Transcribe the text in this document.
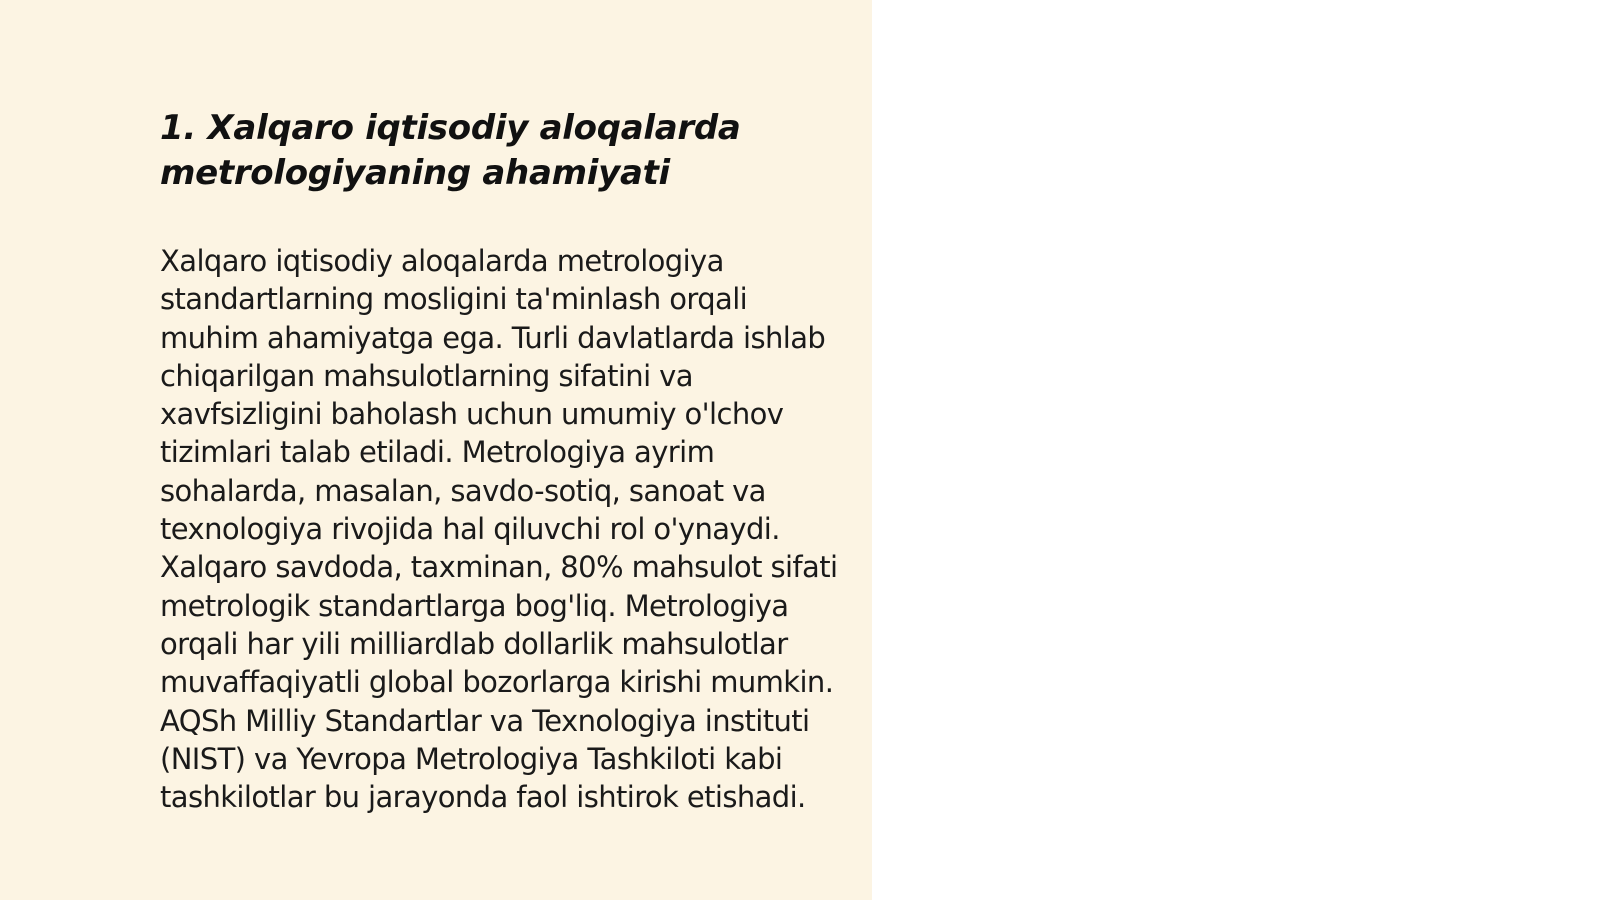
1. Xalqaro iqtisodiy aloqalarda metrologiyaning ahamiyati

Xalqaro iqtisodiy aloqalarda metrologiya standartlarning mosligini ta'minlash orqali muhim ahamiyatga ega. Turli davlatlarda ishlab chiqarilgan mahsulotlarning sifatini va xavfsizligini baholash uchun umumiy o'lchov tizimlari talab etiladi. Metrologiya ayrim sohalarda, masalan, savdo-sotiq, sanoat va texnologiya rivojida hal qiluvchi rol o'ynaydi. Xalqaro savdoda, taxminan, 80% mahsulot sifati metrologik standartlarga bog'liq. Metrologiya orqali har yili milliardlab dollarlik mahsulotlar muvaffaqiyatli global bozorlarga kirishi mumkin. AQSh Milliy Standartlar va Texnologiya instituti (NIST) va Yevropa Metrologiya Tashkiloti kabi tashkilotlar bu jarayonda faol ishtirok etishadi.
